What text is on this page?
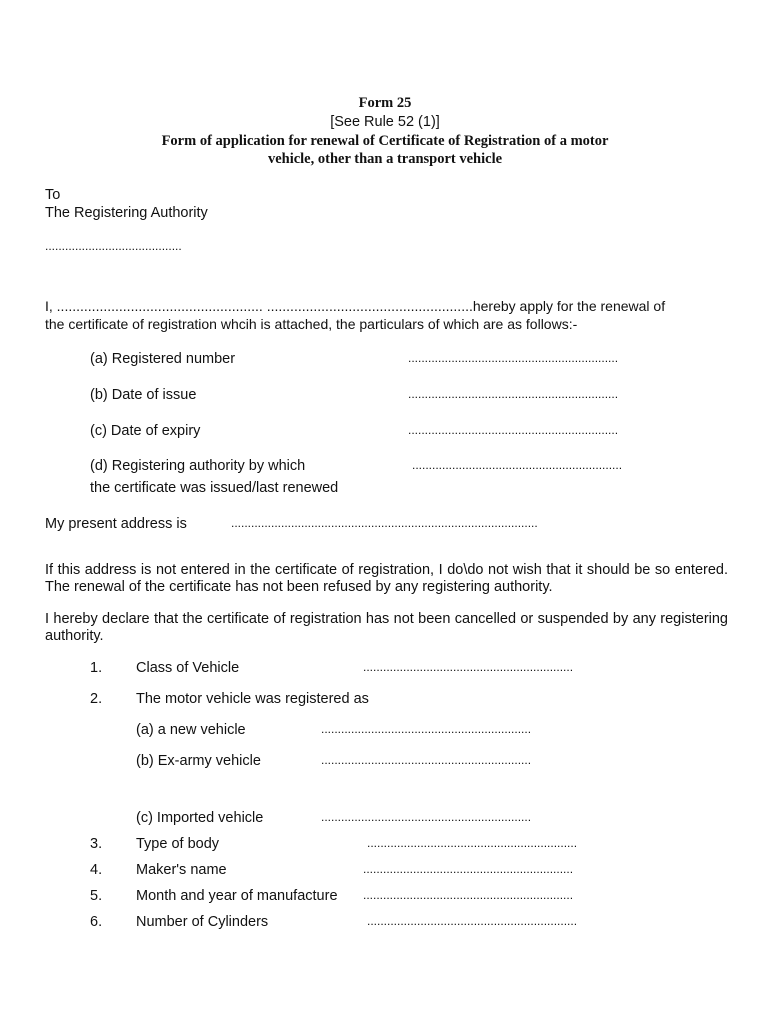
Form 25
[See Rule 52 (1)]
Form of application for renewal of Certificate of Registration of a motor
vehicle, other than a transport vehicle
To
The Registering Authority
.........................................
I, ..................................................... .....................................................hereby apply for the renewal of
the certificate of registration whcih is attached, the particulars of which are as follows:-
(a) Registered number	...............................................................
(b) Date of issue	...............................................................
(c) Date of expiry	...............................................................
(d) Registering authority by which
the certificate was issued/last renewed
...............................................................
My present address is	............................................................................................
If this address is not entered in the certificate of registration, I do\do not wish that it should be so entered. The renewal of the certificate has not been refused by any registering authority.
I hereby declare that the certificate of registration has not been cancelled or suspended by any registering authority.
1. Class of Vehicle	...............................................................
2. The motor vehicle was registered as
(a) a new vehicle	...............................................................
(b) Ex-army vehicle	...............................................................
(c) Imported vehicle	...............................................................
3. Type of body	...............................................................
4. Maker's name	...............................................................
5. Month and year of manufacture ...............................................................
6. Number of Cylinders	...............................................................
